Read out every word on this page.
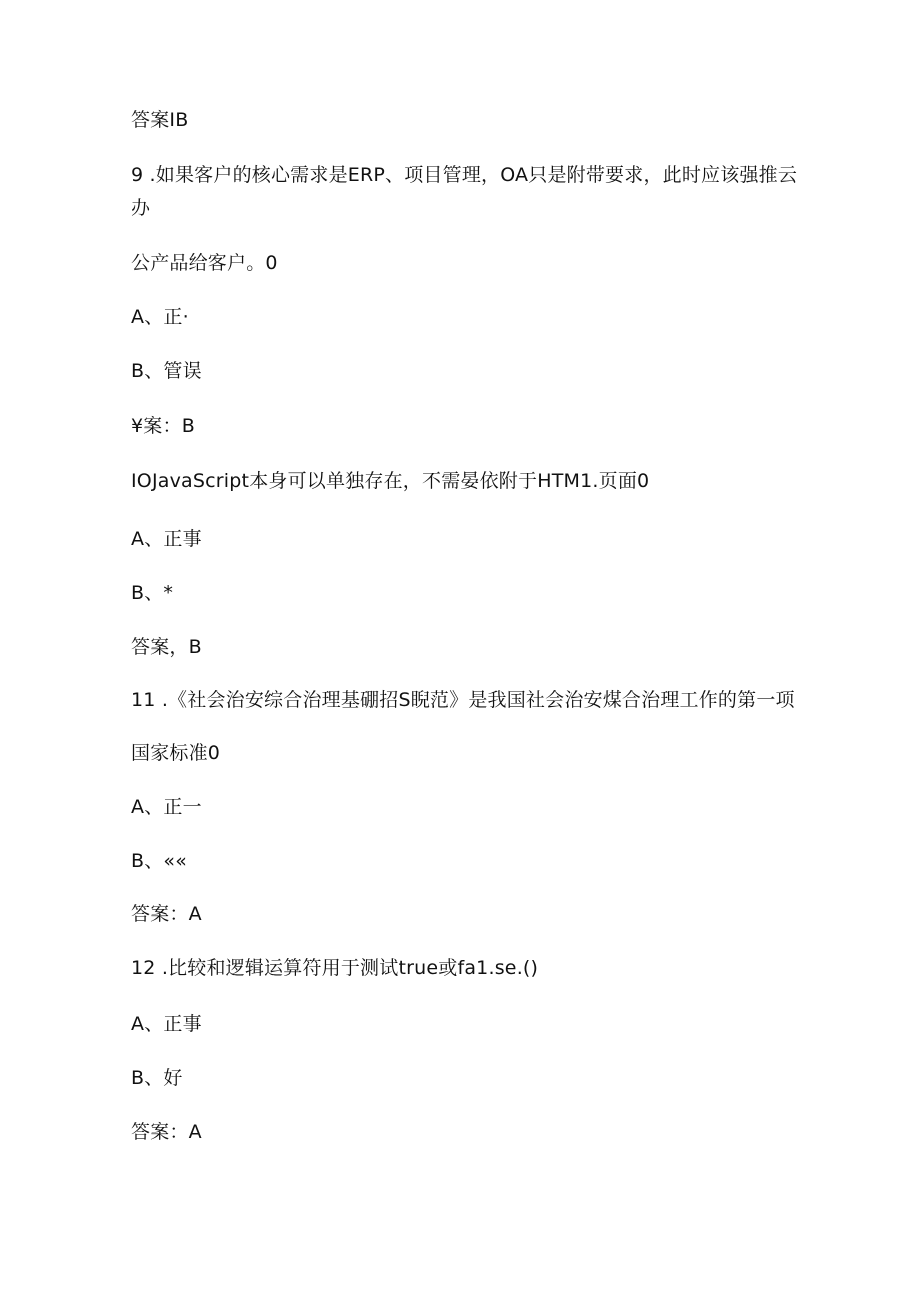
答案IB
9 .如果客户的核心需求是ERP、项目管理，OA只是附带要求，此时应该强推云
办
公产品给客户。0
A、正·
B、管误
¥案：B
IOJavaScript本身可以单独存在，不需晏依附于HTM1.页面0
A、正事
B、*
答案，B
11 .《社会治安综合治理基硼招S睨范》是我国社会治安煤合治理工作的第一项
国家标准0
A、正一
B、««
答案：A
12 .比较和逻辑运算符用于测试true或fa1.se.()
A、正事
B、好
答案：A
